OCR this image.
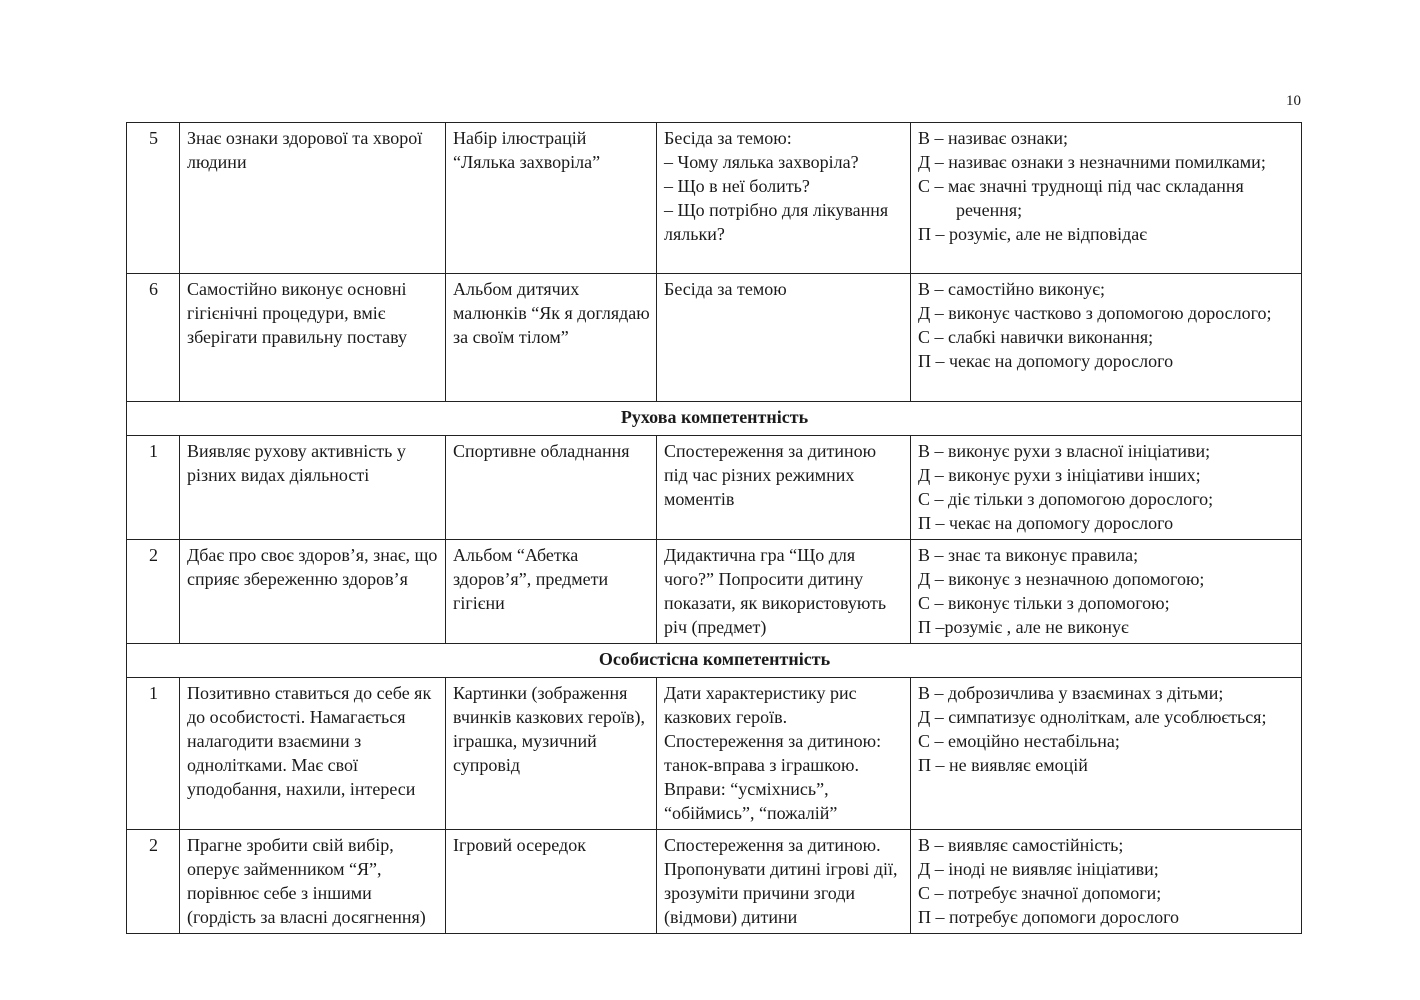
10
5	Знає ознаки здорової та хворої людини	Набір ілюстрацій “Лялька захворіла”	Бесіда за темою:
– Чому лялька захворіла?
– Що в неї болить?
– Що потрібно для лікування ляльки?	В – називає ознаки;
Д – називає ознаки з незначними помилками;
С – має значні труднощі під час складання речення;
П – розуміє, але не відповідає

6	Самостійно виконує основні гігієнічні процедури, вміє зберігати правильну поставу	Альбом дитячих малюнків “Як я доглядаю за своїм тілом”	Бесіда за темою	В – самостійно виконує;
Д – виконує частково з допомогою дорослого;
С – слабкі навички виконання;
П – чекає на допомогу дорослого

Рухова компетентність				
1	Виявляє рухову активність у різних видах діяльності	Спортивне обладнання	Спостереження за дитиною під час різних режимних моментів	В – виконує рухи з власної ініціативи;
Д – виконує рухи з ініціативи інших;
С – діє тільки з допомогою дорослого;
П – чекає на допомогу дорослого

2	Дбає про своє здоров’я, знає, що сприяє збереженню здоров’я	Альбом “Абетка здоров’я”, предмети гігієни	Дидактична гра “Що для чого?” Попросити дитину показати, як використовують річ (предмет)	В – знає та виконує правила;
Д – виконує з незначною допомогою;
С – виконує тільки з допомогою;
П –розуміє , але не виконує

Особистісна компетентність				
1	Позитивно ставиться до себе як до особистості. Намагається налагодити взаємини з однолітками. Має свої уподобання, нахили, інтереси	Картинки (зображення вчинків казкових героїв), іграшка, музичний супровід	Дати характеристику рис казкових героїв. Спостереження за дитиною: танок-вправа з іграшкою. Вправи: “усміхнись”, “обіймись”, “пожалій”	В – доброзичлива у взаєминах з дітьми;
Д – симпатизує одноліткам, але усоблюється;
С – емоційно нестабільна;
П – не виявляє емоцій

2	Прагне зробити свій вибір, оперує займенником “Я”, порівнює себе з іншими (гордість за власні досягнення)	Ігровий осередок	Спостереження за дитиною. Пропонувати дитині ігрові дії, зрозуміти причини згоди (відмови) дитини	В – виявляє самостійність;
Д – іноді не виявляє ініціативи;
С – потребує значної допомоги;
П – потребує допомоги дорослого
